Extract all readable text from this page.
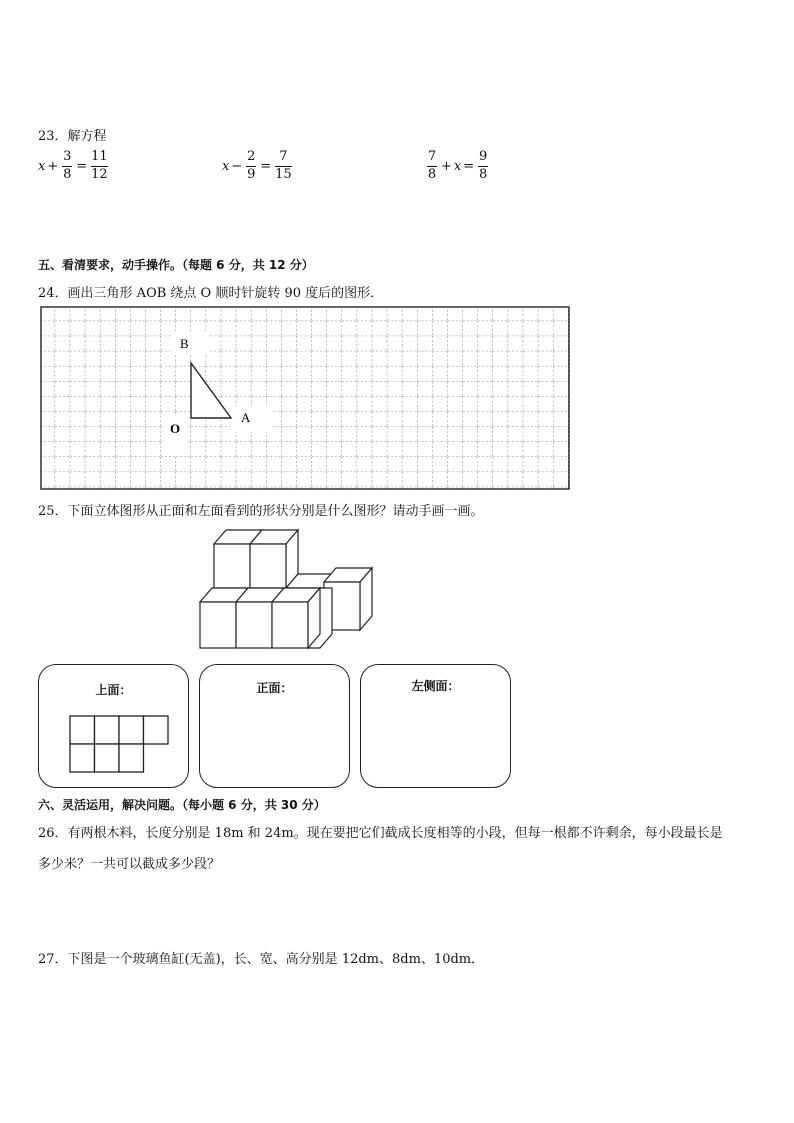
23．解方程
$x + \frac{3}{8} = \frac{11}{12}$	$x - \frac{2}{9} = \frac{7}{15}$	$\frac{7}{8} + x = \frac{9}{8}$
五、看清要求，动手操作。（每题 6 分，共 12 分）
24．画出三角形 AOB 绕点 O 顺时针旋转 90 度后的图形．
B
A
O
25．下面立体图形从正面和左面看到的形状分别是什么图形？请动手画一画。
上面：	正面：	左侧面：
六、灵活运用，解决问题。（每小题 6 分，共 30 分）
26．有两根木料，长度分别是 18m 和 24m。现在要把它们截成长度相等的小段，但每一根都不许剩余，每小段最长是
多少米？一共可以截成多少段？
27．下图是一个玻璃鱼缸(无盖)，长、宽、高分别是 12dm、8dm、10dm．
